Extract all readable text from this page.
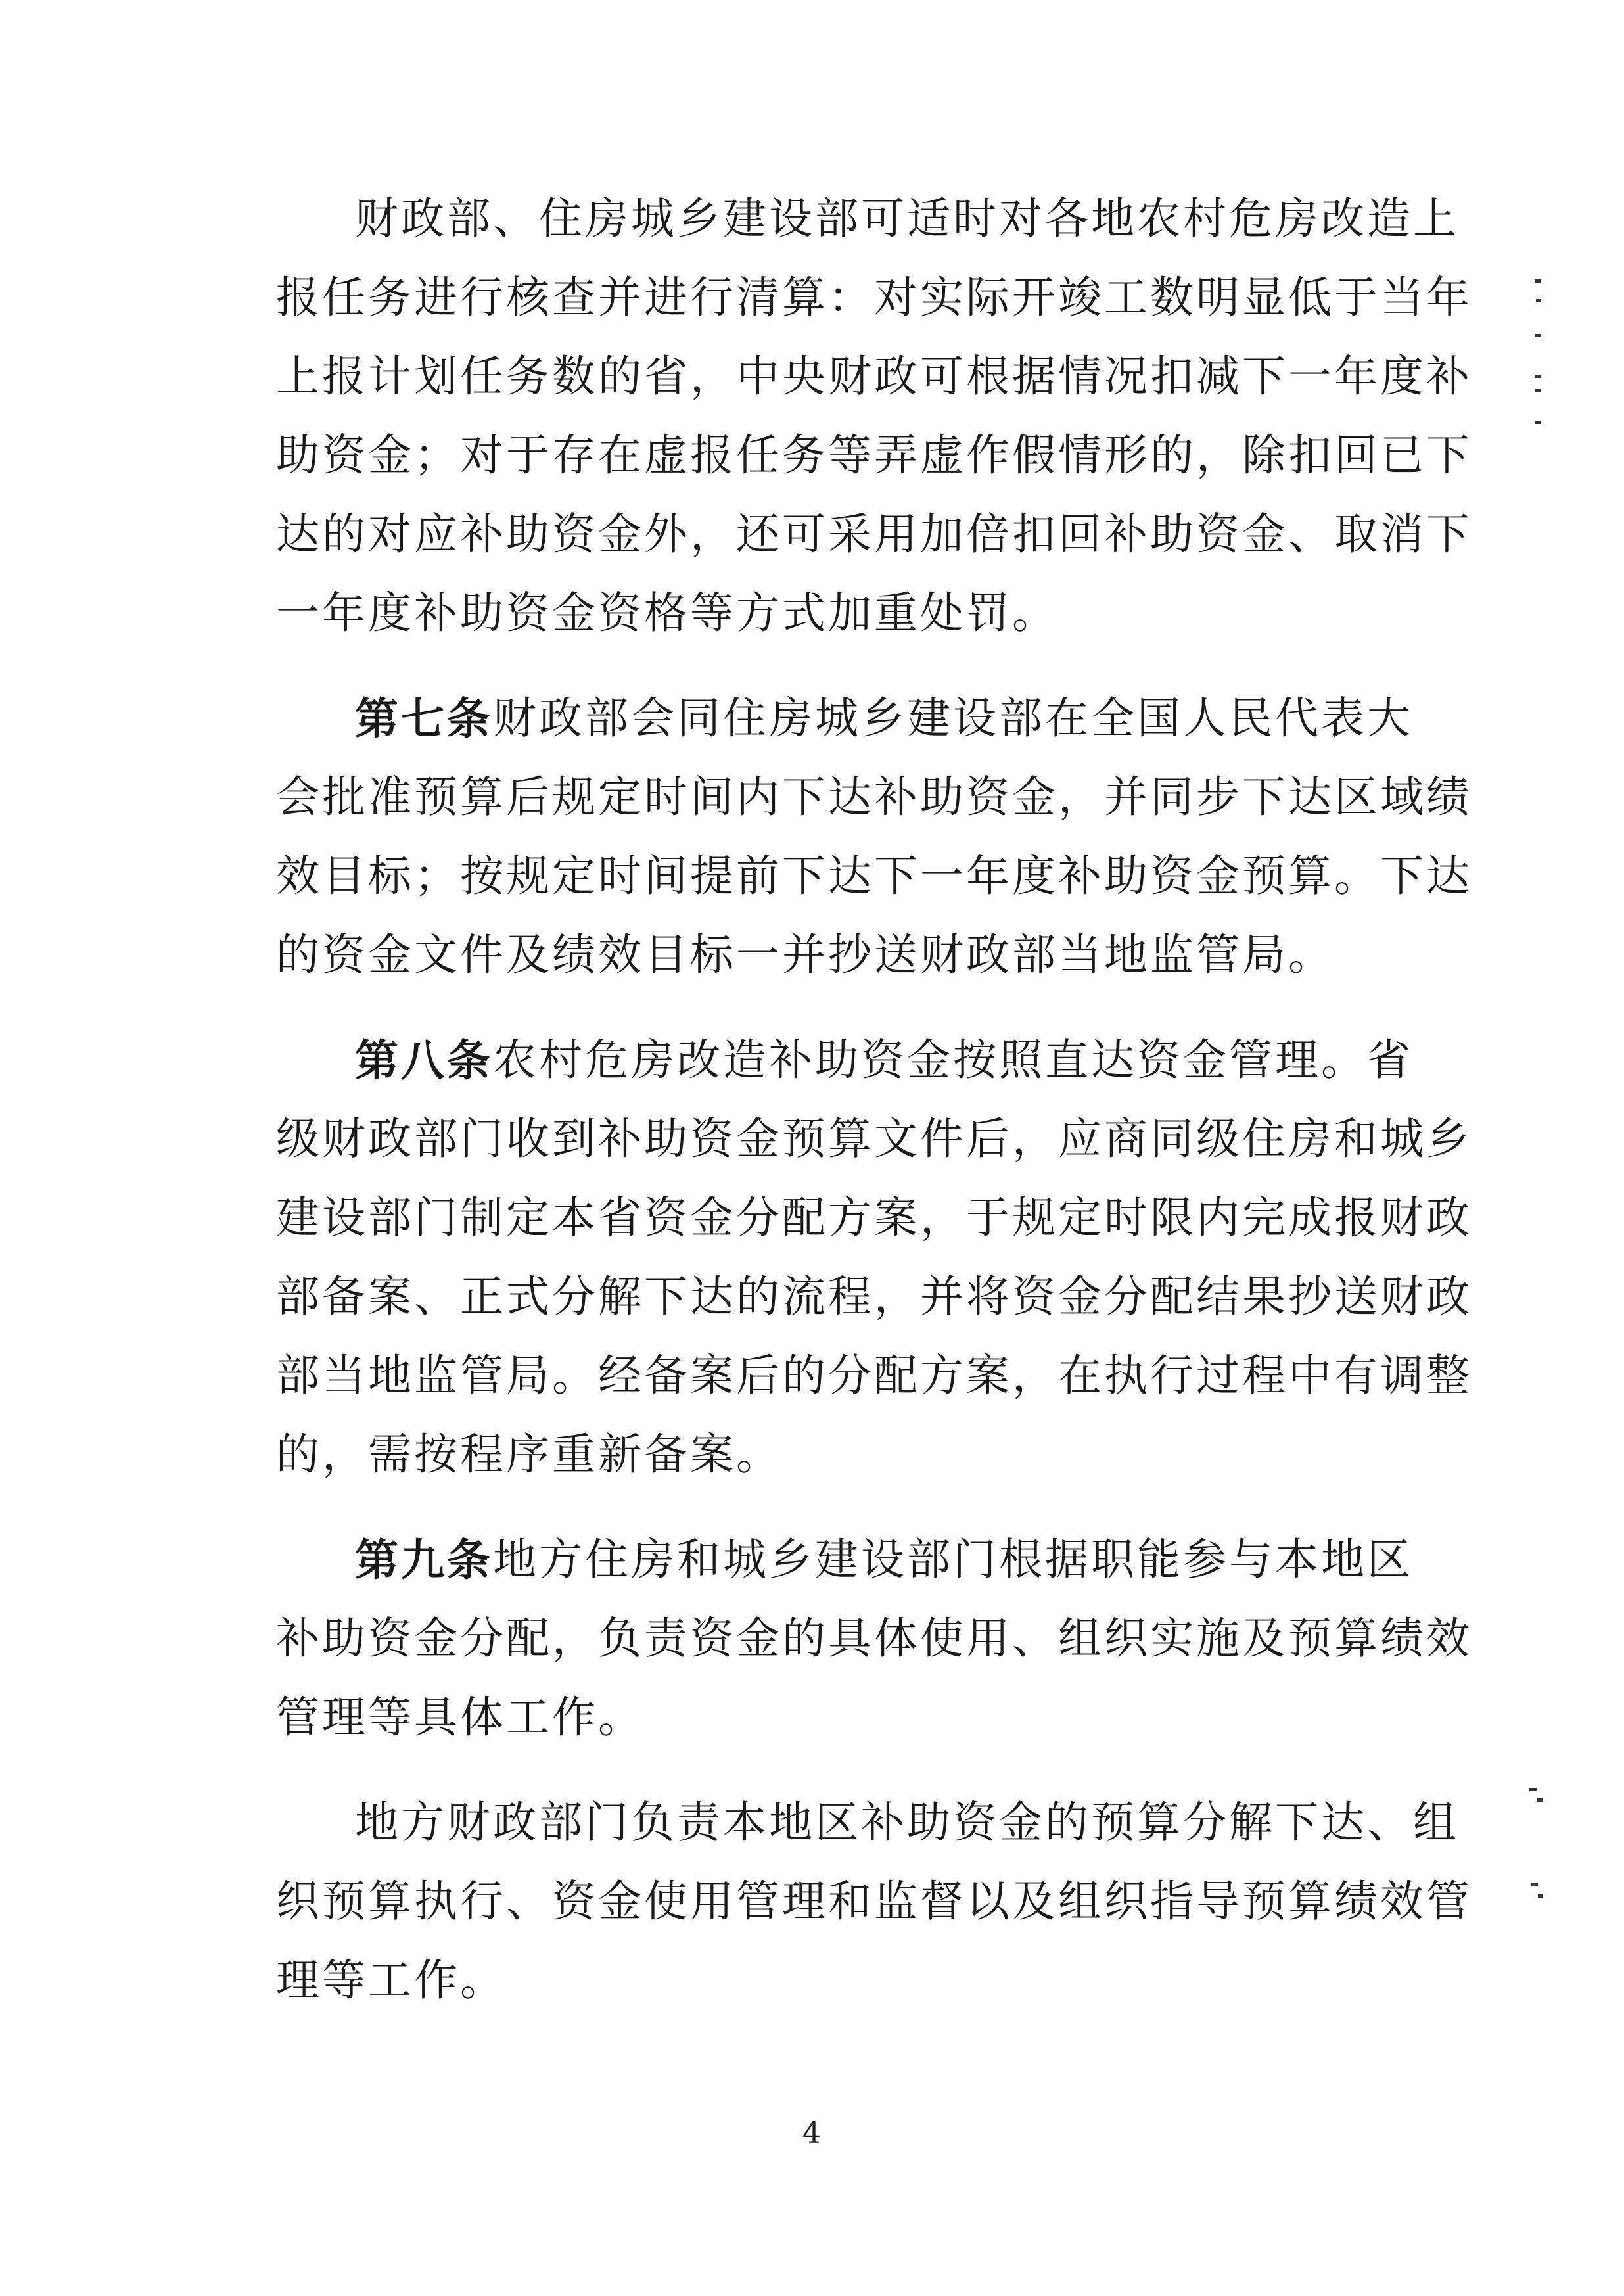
财政部、住房城乡建设部可适时对各地农村危房改造上
报任务进行核查并进行清算：对实际开竣工数明显低于当年
上报计划任务数的省，中央财政可根据情况扣减下一年度补
助资金；对于存在虚报任务等弄虚作假情形的，除扣回已下
达的对应补助资金外，还可采用加倍扣回补助资金、取消下
一年度补助资金资格等方式加重处罚。
第七条 财政部会同住房城乡建设部在全国人民代表大
会批准预算后规定时间内下达补助资金，并同步下达区域绩
效目标；按规定时间提前下达下一年度补助资金预算。下达
的资金文件及绩效目标一并抄送财政部当地监管局。
第八条 农村危房改造补助资金按照直达资金管理。省
级财政部门收到补助资金预算文件后，应商同级住房和城乡
建设部门制定本省资金分配方案，于规定时限内完成报财政
部备案、正式分解下达的流程，并将资金分配结果抄送财政
部当地监管局。经备案后的分配方案，在执行过程中有调整
的，需按程序重新备案。
第九条 地方住房和城乡建设部门根据职能参与本地区
补助资金分配，负责资金的具体使用、组织实施及预算绩效
管理等具体工作。
地方财政部门负责本地区补助资金的预算分解下达、组
织预算执行、资金使用管理和监督以及组织指导预算绩效管
理等工作。
4
